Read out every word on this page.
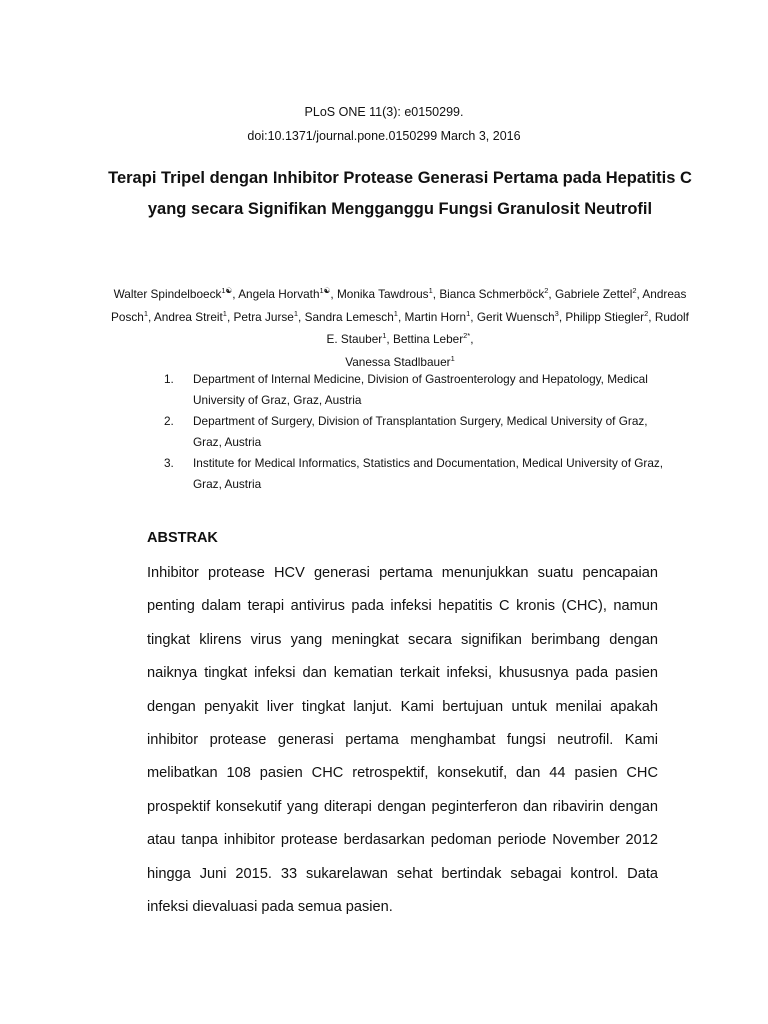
PLoS ONE 11(3): e0150299.
doi:10.1371/journal.pone.0150299 March 3, 2016
Terapi Tripel dengan Inhibitor Protease Generasi Pertama pada Hepatitis C yang secara Signifikan Mengganggu Fungsi Granulosit Neutrofil
Walter Spindelboeck$^{1☯}$, Angela Horvath$^{1☯}$, Monika Tawdrous$^1$, Bianca Schmerböck$^2$, Gabriele Zettel$^2$, Andreas Posch$^1$, Andrea Streit$^1$, Petra Jurse$^1$, Sandra Lemesch$^1$, Martin Horn$^1$, Gerit Wuensch$^3$, Philipp Stiegler$^2$, Rudolf E. Stauber$^1$, Bettina Leber$^{2*}$,
Vanessa Stadlbauer$^1$
1. Department of Internal Medicine, Division of Gastroenterology and Hepatology, Medical University of Graz, Graz, Austria
2. Department of Surgery, Division of Transplantation Surgery, Medical University of Graz, Graz, Austria
3. Institute for Medical Informatics, Statistics and Documentation, Medical University of Graz, Graz, Austria
ABSTRAK

Inhibitor protease HCV generasi pertama menunjukkan suatu pencapaian penting dalam terapi antivirus pada infeksi hepatitis C kronis (CHC), namun tingkat klirens virus yang meningkat secara signifikan berimbang dengan naiknya tingkat infeksi dan kematian terkait infeksi, khususnya pada pasien dengan penyakit liver tingkat lanjut. Kami bertujuan untuk menilai apakah inhibitor protease generasi pertama menghambat fungsi neutrofil. Kami melibatkan 108 pasien CHC retrospektif, konsekutif, dan 44 pasien CHC prospektif konsekutif yang diterapi dengan peginterferon dan ribavirin dengan atau tanpa inhibitor protease berdasarkan pedoman periode November 2012 hingga Juni 2015. 33 sukarelawan sehat bertindak sebagai kontrol. Data infeksi dievaluasi pada semua pasien.
